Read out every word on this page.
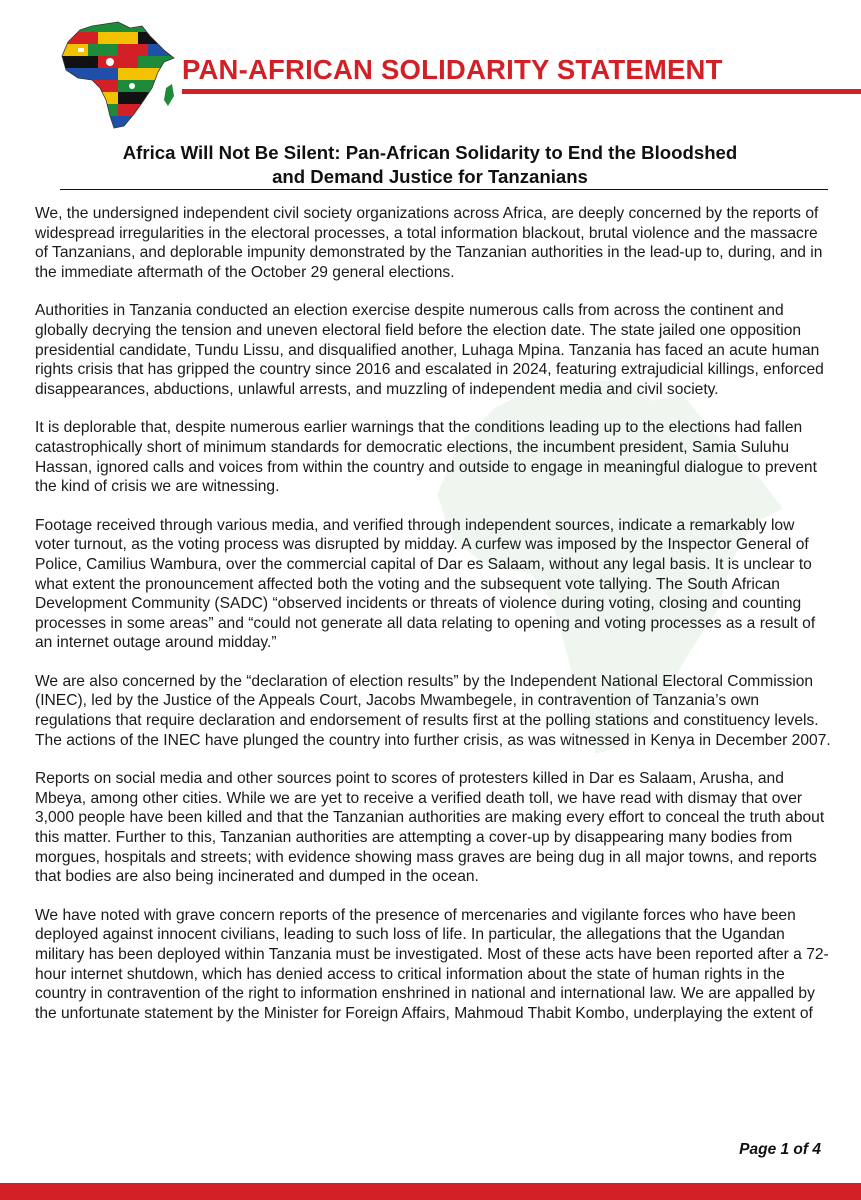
PAN-AFRICAN SOLIDARITY STATEMENT
Africa Will Not Be Silent: Pan-African Solidarity to End the Bloodshed
and Demand Justice for Tanzanians

We, the undersigned independent civil society organizations across Africa, are deeply concerned by the reports of widespread irregularities in the electoral processes, a total information blackout, brutal violence and the massacre of Tanzanians, and deplorable impunity demonstrated by the Tanzanian authorities in the lead-up to, during, and in the immediate aftermath of the October 29 general elections.

Authorities in Tanzania conducted an election exercise despite numerous calls from across the continent and globally decrying the tension and uneven electoral field before the election date. The state jailed one opposition presidential candidate, Tundu Lissu, and disqualified another, Luhaga Mpina. Tanzania has faced an acute human rights crisis that has gripped the country since 2016 and escalated in 2024, featuring extrajudicial killings, enforced disappearances, abductions, unlawful arrests, and muzzling of independent media and civil society.

It is deplorable that, despite numerous earlier warnings that the conditions leading up to the elections had fallen catastrophically short of minimum standards for democratic elections, the incumbent president, Samia Suluhu Hassan, ignored calls and voices from within the country and outside to engage in meaningful dialogue to prevent the kind of crisis we are witnessing.

Footage received through various media, and verified through independent sources, indicate a remarkably low voter turnout, as the voting process was disrupted by midday. A curfew was imposed by the Inspector General of Police, Camilius Wambura, over the commercial capital of Dar es Salaam, without any legal basis. It is unclear to what extent the pronouncement affected both the voting and the subsequent vote tallying. The South African Development Community (SADC) “observed incidents or threats of violence during voting, closing and counting processes in some areas” and “could not generate all data relating to opening and voting processes as a result of an internet outage around midday.”

We are also concerned by the “declaration of election results” by the Independent National Electoral Commission (INEC), led by the Justice of the Appeals Court, Jacobs Mwambegele, in contravention of Tanzania’s own regulations that require declaration and endorsement of results first at the polling stations and constituency levels. The actions of the INEC have plunged the country into further crisis, as was witnessed in Kenya in December 2007.

Reports on social media and other sources point to scores of protesters killed in Dar es Salaam, Arusha, and Mbeya, among other cities. While we are yet to receive a verified death toll, we have read with dismay that over 3,000 people have been killed and that the Tanzanian authorities are making every effort to conceal the truth about this matter. Further to this, Tanzanian authorities are attempting a cover-up by disappearing many bodies from morgues, hospitals and streets; with evidence showing mass graves are being dug in all major towns, and reports that bodies are also being incinerated and dumped in the ocean.

We have noted with grave concern reports of the presence of mercenaries and vigilante forces who have been deployed against innocent civilians, leading to such loss of life. In particular, the allegations that the Ugandan military has been deployed within Tanzania must be investigated. Most of these acts have been reported after a 72-hour internet shutdown, which has denied access to critical information about the state of human rights in the country in contravention of the right to information enshrined in national and international law. We are appalled by the unfortunate statement by the Minister for Foreign Affairs, Mahmoud Thabit Kombo, underplaying the extent of

Page 1 of 4
